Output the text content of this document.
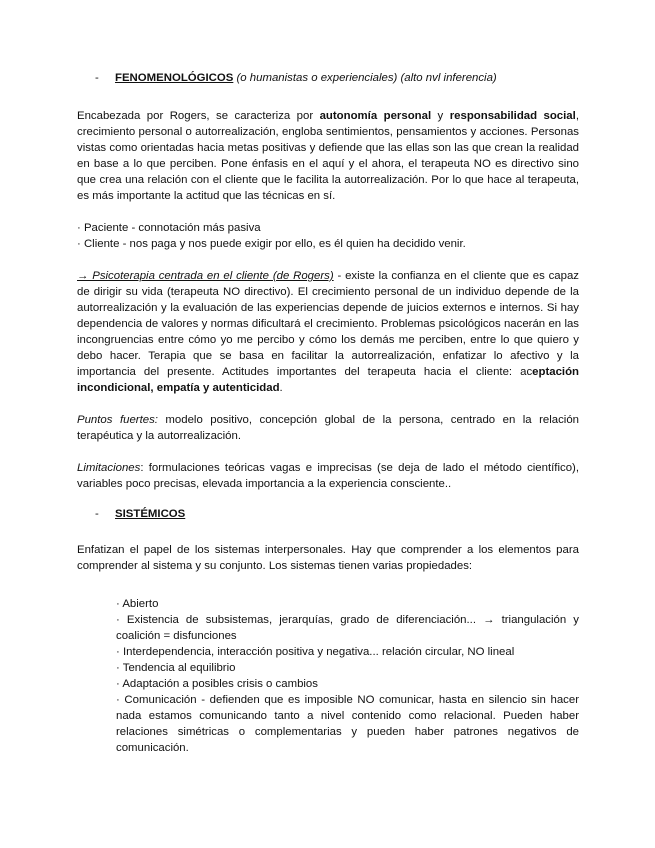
- FENOMENOLÓGICOS (o humanistas o experienciales) (alto nvl inferencia)

Encabezada por Rogers, se caracteriza por autonomía personal y responsabilidad social, crecimiento personal o autorrealización, engloba sentimientos, pensamientos y acciones. Personas vistas como orientadas hacia metas positivas y defiende que las ellas son las que crean la realidad en base a lo que perciben. Pone énfasis en el aquí y el ahora, el terapeuta NO es directivo sino que crea una relación con el cliente que le facilita la autorrealización. Por lo que hace al terapeuta, es más importante la actitud que las técnicas en sí.

· Paciente - connotación más pasiva

· Cliente - nos paga y nos puede exigir por ello, es él quien ha decidido venir.

→ Psicoterapia centrada en el cliente (de Rogers) - existe la confianza en el cliente que es capaz de dirigir su vida (terapeuta NO directivo). El crecimiento personal de un individuo depende de la autorrealización y la evaluación de las experiencias depende de juicios externos e internos. Si hay dependencia de valores y normas dificultará el crecimiento. Problemas psicológicos nacerán en las incongruencias entre cómo yo me percibo y cómo los demás me perciben, entre lo que quiero y debo hacer. Terapia que se basa en facilitar la autorrealización, enfatizar lo afectivo y la importancia del presente. Actitudes importantes del terapeuta hacia el cliente: aceptación incondicional, empatía y autenticidad.

Puntos fuertes: modelo positivo, concepción global de la persona, centrado en la relación terapéutica y la autorrealización.

Limitaciones: formulaciones teóricas vagas e imprecisas (se deja de lado el método científico), variables poco precisas, elevada importancia a la experiencia consciente..

- SISTÉMICOS

Enfatizan el papel de los sistemas interpersonales. Hay que comprender a los elementos para comprender al sistema y su conjunto. Los sistemas tienen varias propiedades:

· Abierto

· Existencia de subsistemas, jerarquías, grado de diferenciación... → triangulación y coalición = disfunciones

· Interdependencia, interacción positiva y negativa... relación circular, NO lineal

· Tendencia al equilibrio

· Adaptación a posibles crisis o cambios

· Comunicación - defienden que es imposible NO comunicar, hasta en silencio sin hacer nada estamos comunicando tanto a nivel contenido como relacional. Pueden haber relaciones simétricas o complementarias y pueden haber patrones negativos de comunicación.
